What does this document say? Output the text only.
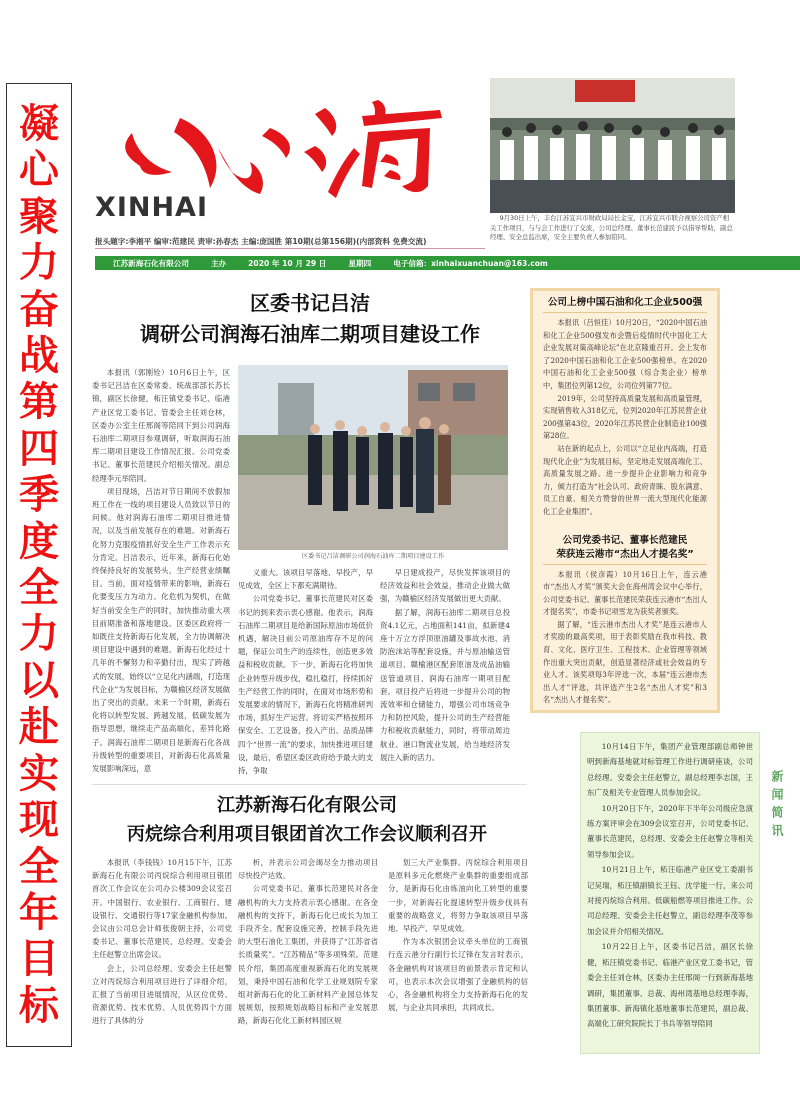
凝
心
聚
力
奋
战
第
四
季
度
全
力
以
赴
实
现
全
年
目
标
XINHAI
报头题字:李湘平 编审:范建民 责审:孙春杰 主编:庞国胜 第10期(总第156期)(内部资料 免费交流)
9月30日上午，丰台江苏宜兴市财政局局长金宝，江苏宜兴市联合视察公司资产相关工作项目，与与会工作进行了交流，公司总经理、董事长范建民予以指导帮助，副总经理、安全总监出席，安全主要负责人参加陪同。
江苏新海石化有限公司	主办	2020 年 10 月 29 日	星期四	电子信箱：xinhaixuanchuan@163.com
区委书记吕洁
调研公司润海石油库二期项目建设工作

本报讯（郭刚铨）10月6日上午，区委书记吕洁在区委常委、统战部部长苏长锦，副区长徐健，柘汪镇党委书记、临港产业区党工委书记、管委会主任刘仓林，区委办公室主任邢阁等陪同下到公司润海石油库二期项目参观调研，听取润海石油库二期项目建设工作情况汇报。公司党委书记、董事长范建民介绍相关情况。副总经理李元举陪同。

项目现场，吕洁对节日期间不放假加班工作在一线的项目建设人员致以节日的问候。他对润海石油库二期项目推进情况，以及当前发展存在的难题。对新海石化努力克服疫情抓好安全生产工作表示充分肯定。吕洁表示，近年来，新海石化始终保持良好的发展势头，生产经营业绩瞩目。当前，面对疫情带来的影响，新海石化要变压力为动力、化危机为契机，在做好当前安全生产的同时，加快推动重大项目前期准备和落地建设。区委区政府将一如既往支持新海石化发展，全力协调解决项目建设中遇到的难题。新海石化经过十几年的不懈努力和辛勤付出，现实了跨越式的发展，始终以“立足化内涵端，打造现代企业”为发展目标，为赣榆区经济发展做出了突出的贡献。未来一个时期，新海石化将以转型发展、跨越发展，低碳发展为指导思想，继续走产品高端化、差异化路子。润海石油库二期项目是新海石化各战升级转型的重要项目，对新海石化高质量发展影响深远，意

区委书记吕洁调研公司润海石油库二期项目建设工作

义重大。该项目早落地、早投产，早见成效，全区上下都充满期待。

公司党委书记、董事长范建民对区委书记的到来表示衷心感谢。他表示，润海石油库二期项目是给新国际原油市场低价机遇，解决目前公司原油库存不足的问题，保证公司生产的连续性，创造更多效益和税收贡献。下一步，新海石化将加快企业转型升级步伐，稳扎稳打，持续抓好生产经营工作的同时，在面对市场形势和发展要求的情况下，新海石化将精准研判市场，抓好生产运营。将切实严格按照环保安全、工艺设备，投入产出、品质品牌四个“世界一流”的要求，加快推进项目建设，最后，希望区委区政府给予最大的支持，争取

早日建成投产，尽快发挥该项目的经济效益和社会效益，推动企业做大做强，为赣榆区经济发展做出更大贡献。

据了解，润海石油库二期项目总投资4.1亿元，占地面积141亩，拟新建4座十万立方浮顶原油罐及事故水池、消防泡沫站等配套设施，并与原油输送管道项目、赣榆港区配套原油及成品油输送管道项目、润海石油库一期项目配套。项目投产后将进一步提升公司的物流效率和仓储能力，增强公司市场竞争力和防控风险，提升公司的生产经营能力和税收贡献能力，同时，将带动周边航业、港口物流业发展，给当地经济发展注入新的活力。

公司上榜中国石油和化工企业500强

本报讯（吕恒佳）10月20日，“2020中国石油和化工企业500强发布会暨后疫情时代中国化工大企业发展对策高峰论坛”在北京隆重召开。会上发布了2020中国石油和化工企业500强榜单。在2020中国石油和化工企业500强（综合类企业）榜单中，集团位列第12位，公司位列第77位。

2019年，公司坚持高质量发展和高质量管理，实现销售收入318亿元，位列2020年江苏民营企业200强第43位，2020年江苏民营企业制造业100强第28位。

站在新的起点上，公司以“立足业内高端，打造现代化企业”为发展目标，坚定地走发展高端化工、高质量发展之路。进一步提升企业影响力和竞争力，倾力打造为“社会认可、政府青睐、股东满意、员工自豪、相关方赞誉的世界一流大型现代化能源化工企业集团”。

公司党委书记、董事长范建民
荣获连云港市“杰出人才提名奖”

本报讯（侯彦霞）10月16日上午，连云港市“杰出人才奖”颁奖大会在海州湾会议中心举行，公司党委书记、董事长范建民荣获连云港市“杰出人才提名奖”，市委书记项雪龙为获奖者颁奖。

据了解，“连云港市杰出人才奖”是连云港市人才奖励的最高奖项，用于表彰奖励在我市科技、教育、文化、医疗卫生、工程技术、企业管理等领域作出重大突出贡献，创造显著经济或社会效益的专业人才。该奖项每3年评选一次，本届“连云港市杰出人才”评选，共评选产生2名“杰出人才奖”和3名“杰出人才提名奖”。

10月14日下午，集团产业管理部副总师钟世明到新海基地就对标管理工作进行调研座谈，公司总经理、安委会主任赵警立，副总经理李志国，王东广及相关专业管理人员参加会议。

10月20日下午，2020年下半年公司级应急演练方案评审会在309会议室召开，公司党委书记、董事长范建民，总经理、安委会主任赵警立等相关领导参加会议。

10月21日上午，柘汪临港产业区党工委副书记吴瑞，柘汪镇副镇长王钰、沈学能一行，来公司对接丙烷综合利用、低碳船燃等项目推进工作。公司总经理、安委会主任赵警立，副总经理李茂等参加会议并介绍相关情况。

10月22日上午，区委书记吕洁，副区长徐健，柘汪镇党委书记、临港产业区党工委书记，管委会主任刘仓林，区委办主任邢阁一行到新海基地调研，集团董事、总裁、海州湾基地总经理李海，集团董事、新海镇化基地董事长范建民，副总裁、高端化工研究院院长丁书兵等领导陪同

新闻简讯
江苏新海石化有限公司
丙烷综合利用项目银团首次工作会议顺利召开

本报讯（李钱钱）10月15下午，江苏新海石化有限公司丙烷综合利用项目银团首次工作会议在公司办公楼309会议室召开。中国银行、农业银行、工商银行、建设银行、交通银行等17家金融机构参加。会议由公司总会计师张俊朝主持，公司党委书记、董事长范建民，总经理、安委会主任赵警立出席会议。

会上，公司总经理、安委会主任赵警立对丙烷综合利用项目进行了详细介绍，汇报了当前项目进展情况，从区位优势、资源优势、技术优势、人员优势四个方面进行了具体的分

析，并表示公司会竭尽全力推动项目尽快投产达效。

公司党委书记、董事长范建民对各金融机构的大力支持表示衷心感谢。在各金融机构的支持下，新海石化已成长为加工手段齐全、配套设施完善，控制手段先进的大型石油化工集团，并获得了“江苏省省长质量奖”。“江苏精品”等多项殊荣。范建民介绍，集团高度重视新海石化的发展规划，秉持中国石油和化学工业规划院专家组对新海石化的化工新材料产业园总体发展规划，按照规划战略目标和产业发展思路，新海石化化工新材料园区规

划三大产业集群。丙烷综合利用项目是原料多元化燃烧产业集群的重要组成部分，是新海石化由炼油向化工转型的重要一步，对新海石化提速转型升级步伐具有重要的战略意义，将努力争取该项目早落地、早投产、早见成效。

作为本次银团会议牵头单位的工商银行连云港分行副行长辽锋在发言时表示，各金融机构对该项目的前景表示肯定和认可，也表示本次会议增强了金融机构的信心，各金融机构将全力支持新海石化的发展，与企业共同承担，共同成长。
